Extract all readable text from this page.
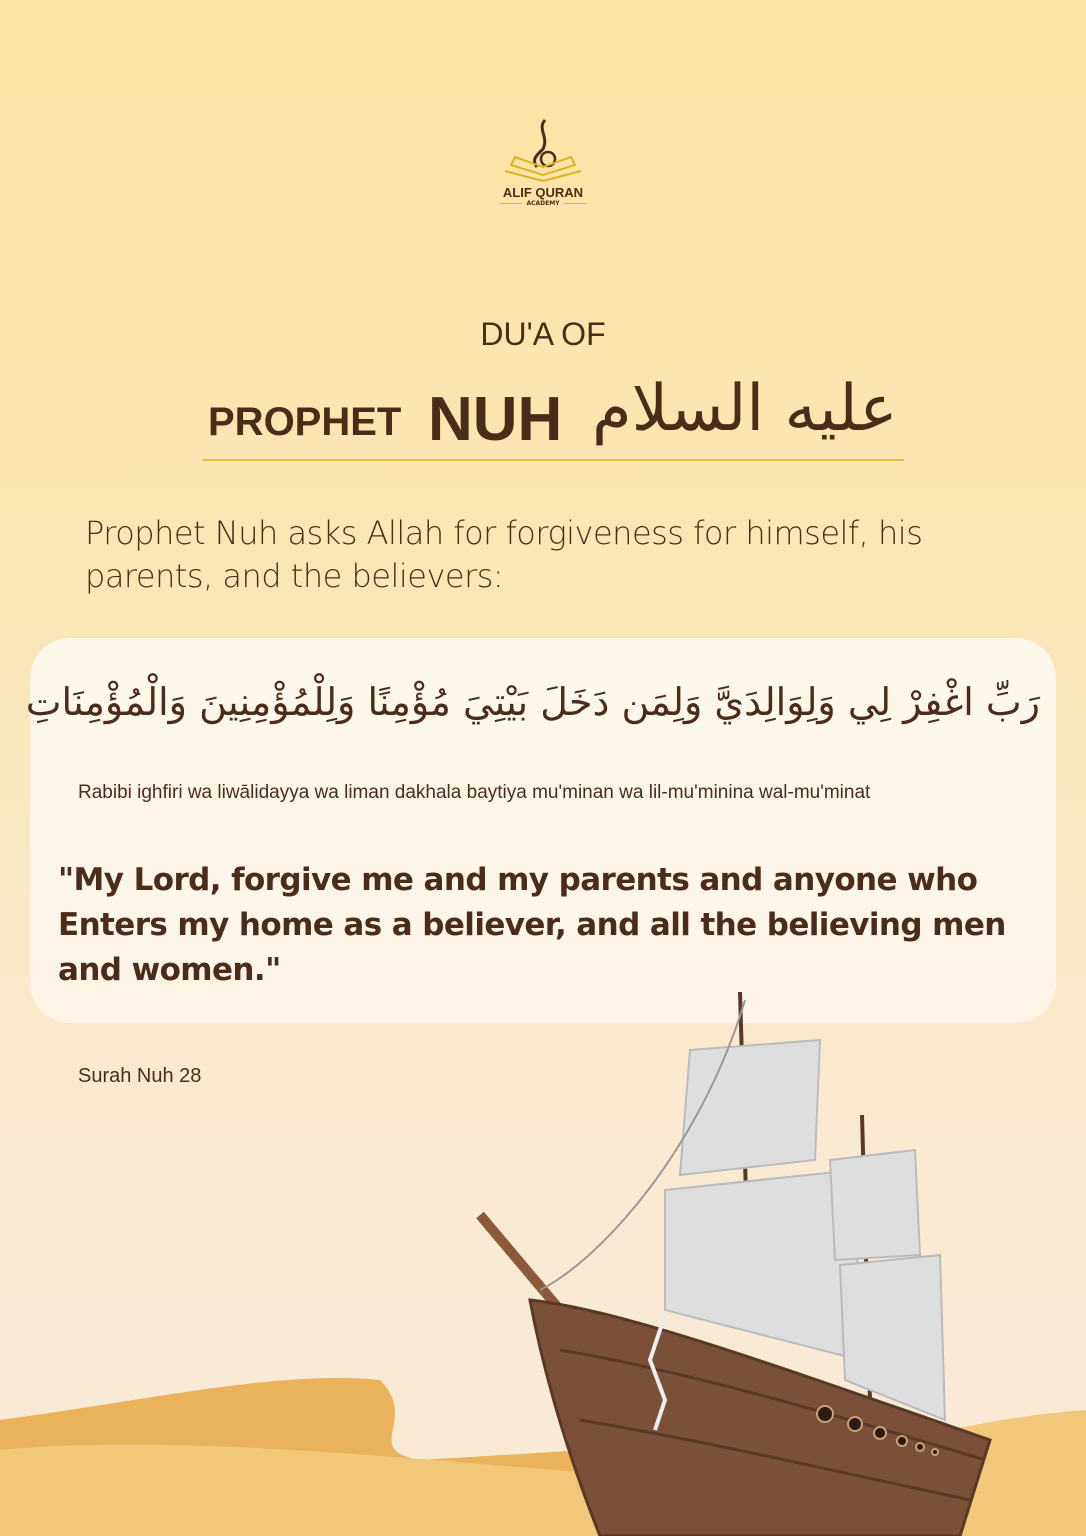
ALIF QURAN
ACADEMY
DU'A OF
PROPHET NUH عليه السلام
Prophet Nuh asks Allah for forgiveness for himself, his parents, and the believers:
رَبِّ اغْفِرْ لِي وَلِوَالِدَيَّ وَلِمَن دَخَلَ بَيْتِيَ مُؤْمِنًا وَلِلْمُؤْمِنِينَ وَالْمُؤْمِنَاتِ
Rabibi ighfiri wa liwālidayya wa liman dakhala baytiya mu'minan wa lil-mu'minina wal-mu'minat
"My Lord, forgive me and my parents and anyone who
Enters my home as a believer, and all the believing men
and women."
Surah Nuh 28
